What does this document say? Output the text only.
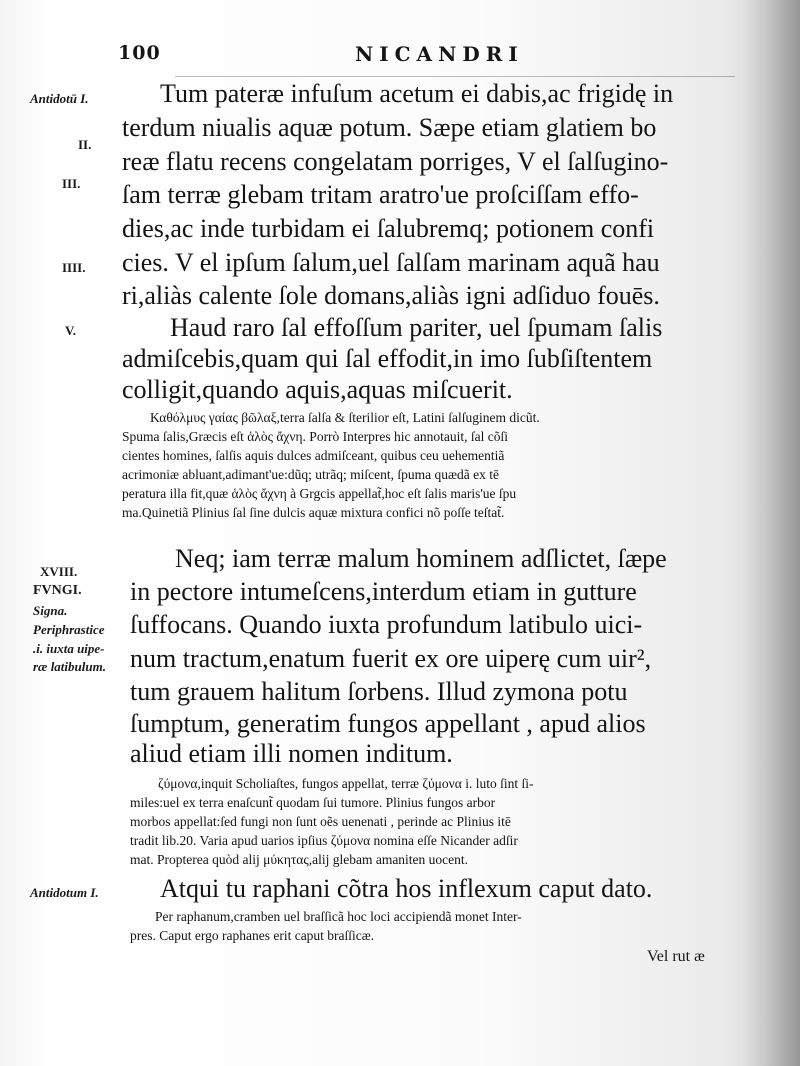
100	NICANDRI
Antidotū I.
II.
III.
IIII.
V.
XVIII.
FVNGI.
Signa.
Periphrastice
.i. iuxta uipe-
ræ latibulum.
Antidotum I.
Tum pateræ infuſum acetum ei dabis,ac frigidę in
terdum niualis aquæ potum. Sæpe etiam glatiem bo
reæ flatu recens congelatam porriges, V el ſalſugino-
ſam terræ glebam tritam aratro'ue proſciſſam effo-
dies,ac inde turbidam ei ſalubremq; potionem confi
cies. V el ipſum ſalum,uel ſalſam marinam aquã hau
ri,aliàs calente ſole domans,aliàs igni adſiduo fouēs.
Haud raro ſal effoſſum pariter, uel ſpumam ſalis
admiſcebis,quam qui ſal effodit,in imo ſubſiſtentem
colligit,quando aquis,aquas miſcuerit.
Καθόλμυς γαίας βῶλαξ,terra ſalſa & ſterilior eſt, Latini ſalſuginem dicũt.
Spuma ſalis,Græcis eſt ἁλὸς ἄχνη. Porrò Interpres hic annotauit, ſal cõſi
cientes homines, ſalſis aquis dulces admiſceant, quibus ceu uehementiã
acrimoniæ abluant,adimant'ue:dũq; utrãq; miſcent, ſpuma quædã ex tē
peratura illa fit,quæ ἁλὸς ἄχνη à Grgcis appellat̃,hoc eſt ſalis maris'ue ſpu
ma.Quinetiã Plinius ſal ſine dulcis aquæ mixtura confici nõ poſſe teſtat̃.
Neq; iam terræ malum hominem adſlictet, ſæpe
in pectore intumeſcens,interdum etiam in gutture
ſuffocans. Quando iuxta profundum latibulo uici-
num tractum,enatum fuerit ex ore uiperę cum uir²,
tum grauem halitum ſorbens. Illud zymona potu
ſumptum, generatim fungos appellant , apud alios
aliud etiam illi nomen inditum.
ζύμονα,inquit Scholiaſtes, fungos appellat, terræ ζύμονα i. luto ſint ſi-
miles:uel ex terra enaſcunt̃ quodam ſui tumore. Plinius fungos arbor
morbos appellat:ſed fungi non ſunt oẽs uenenati , perinde ac Plinius itē
tradit lib.20. Varia apud uarios ipſius ζύμονα nomina eſſe Nicander adſir
mat. Propterea quòd alij μύκητας,alij glebam amaniten uocent.
Atqui tu raphani cõtra hos inflexum caput dato.
Per raphanum,cramben uel braſſicã hoc loci accipiendã monet Inter-
pres. Caput ergo raphanes erit caput braſſicæ.
Vel rut æ
